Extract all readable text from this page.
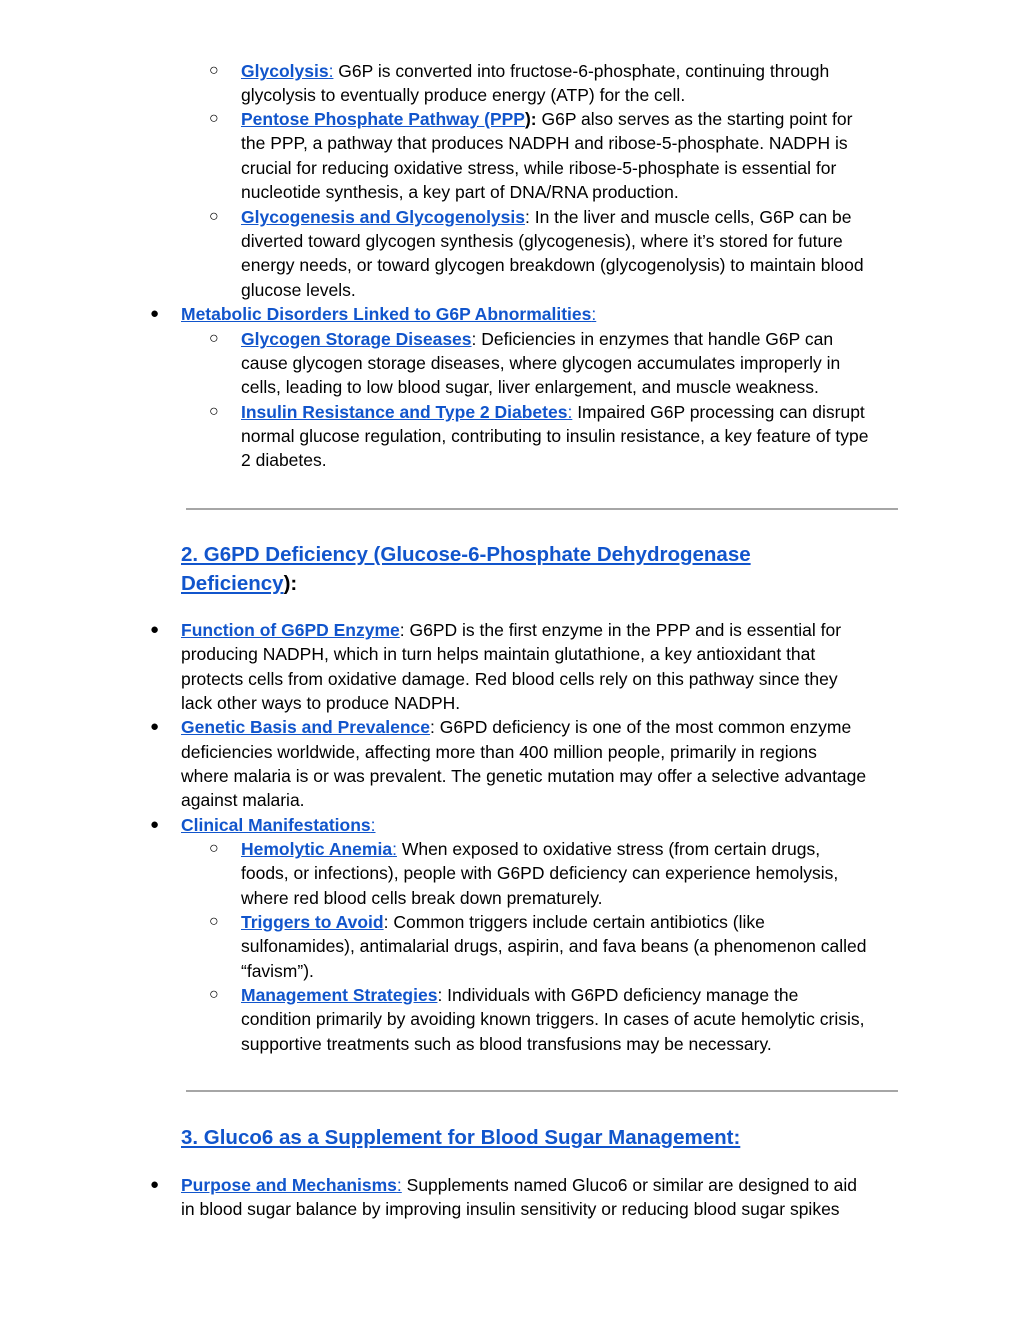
○ Glycolysis: G6P is converted into fructose-6-phosphate, continuing through
glycolysis to eventually produce energy (ATP) for the cell.
○ Pentose Phosphate Pathway (PPP): G6P also serves as the starting point for
the PPP, a pathway that produces NADPH and ribose-5-phosphate. NADPH is
crucial for reducing oxidative stress, while ribose-5-phosphate is essential for
nucleotide synthesis, a key part of DNA/RNA production.
○ Glycogenesis and Glycogenolysis: In the liver and muscle cells, G6P can be
diverted toward glycogen synthesis (glycogenesis), where it’s stored for future
energy needs, or toward glycogen breakdown (glycogenolysis) to maintain blood
glucose levels.
● Metabolic Disorders Linked to G6P Abnormalities:
○ Glycogen Storage Diseases: Deficiencies in enzymes that handle G6P can
cause glycogen storage diseases, where glycogen accumulates improperly in
cells, leading to low blood sugar, liver enlargement, and muscle weakness.
○ Insulin Resistance and Type 2 Diabetes: Impaired G6P processing can disrupt
normal glucose regulation, contributing to insulin resistance, a key feature of type
2 diabetes.
2. G6PD Deficiency (Glucose-6-Phosphate Dehydrogenase
Deficiency):
● Function of G6PD Enzyme: G6PD is the first enzyme in the PPP and is essential for
producing NADPH, which in turn helps maintain glutathione, a key antioxidant that
protects cells from oxidative damage. Red blood cells rely on this pathway since they
lack other ways to produce NADPH.
● Genetic Basis and Prevalence: G6PD deficiency is one of the most common enzyme
deficiencies worldwide, affecting more than 400 million people, primarily in regions
where malaria is or was prevalent. The genetic mutation may offer a selective advantage
against malaria.
● Clinical Manifestations:
○ Hemolytic Anemia: When exposed to oxidative stress (from certain drugs,
foods, or infections), people with G6PD deficiency can experience hemolysis,
where red blood cells break down prematurely.
○ Triggers to Avoid: Common triggers include certain antibiotics (like
sulfonamides), antimalarial drugs, aspirin, and fava beans (a phenomenon called
“favism”).
○ Management Strategies: Individuals with G6PD deficiency manage the
condition primarily by avoiding known triggers. In cases of acute hemolytic crisis,
supportive treatments such as blood transfusions may be necessary.
3. Gluco6 as a Supplement for Blood Sugar Management:
● Purpose and Mechanisms: Supplements named Gluco6 or similar are designed to aid
in blood sugar balance by improving insulin sensitivity or reducing blood sugar spikes
